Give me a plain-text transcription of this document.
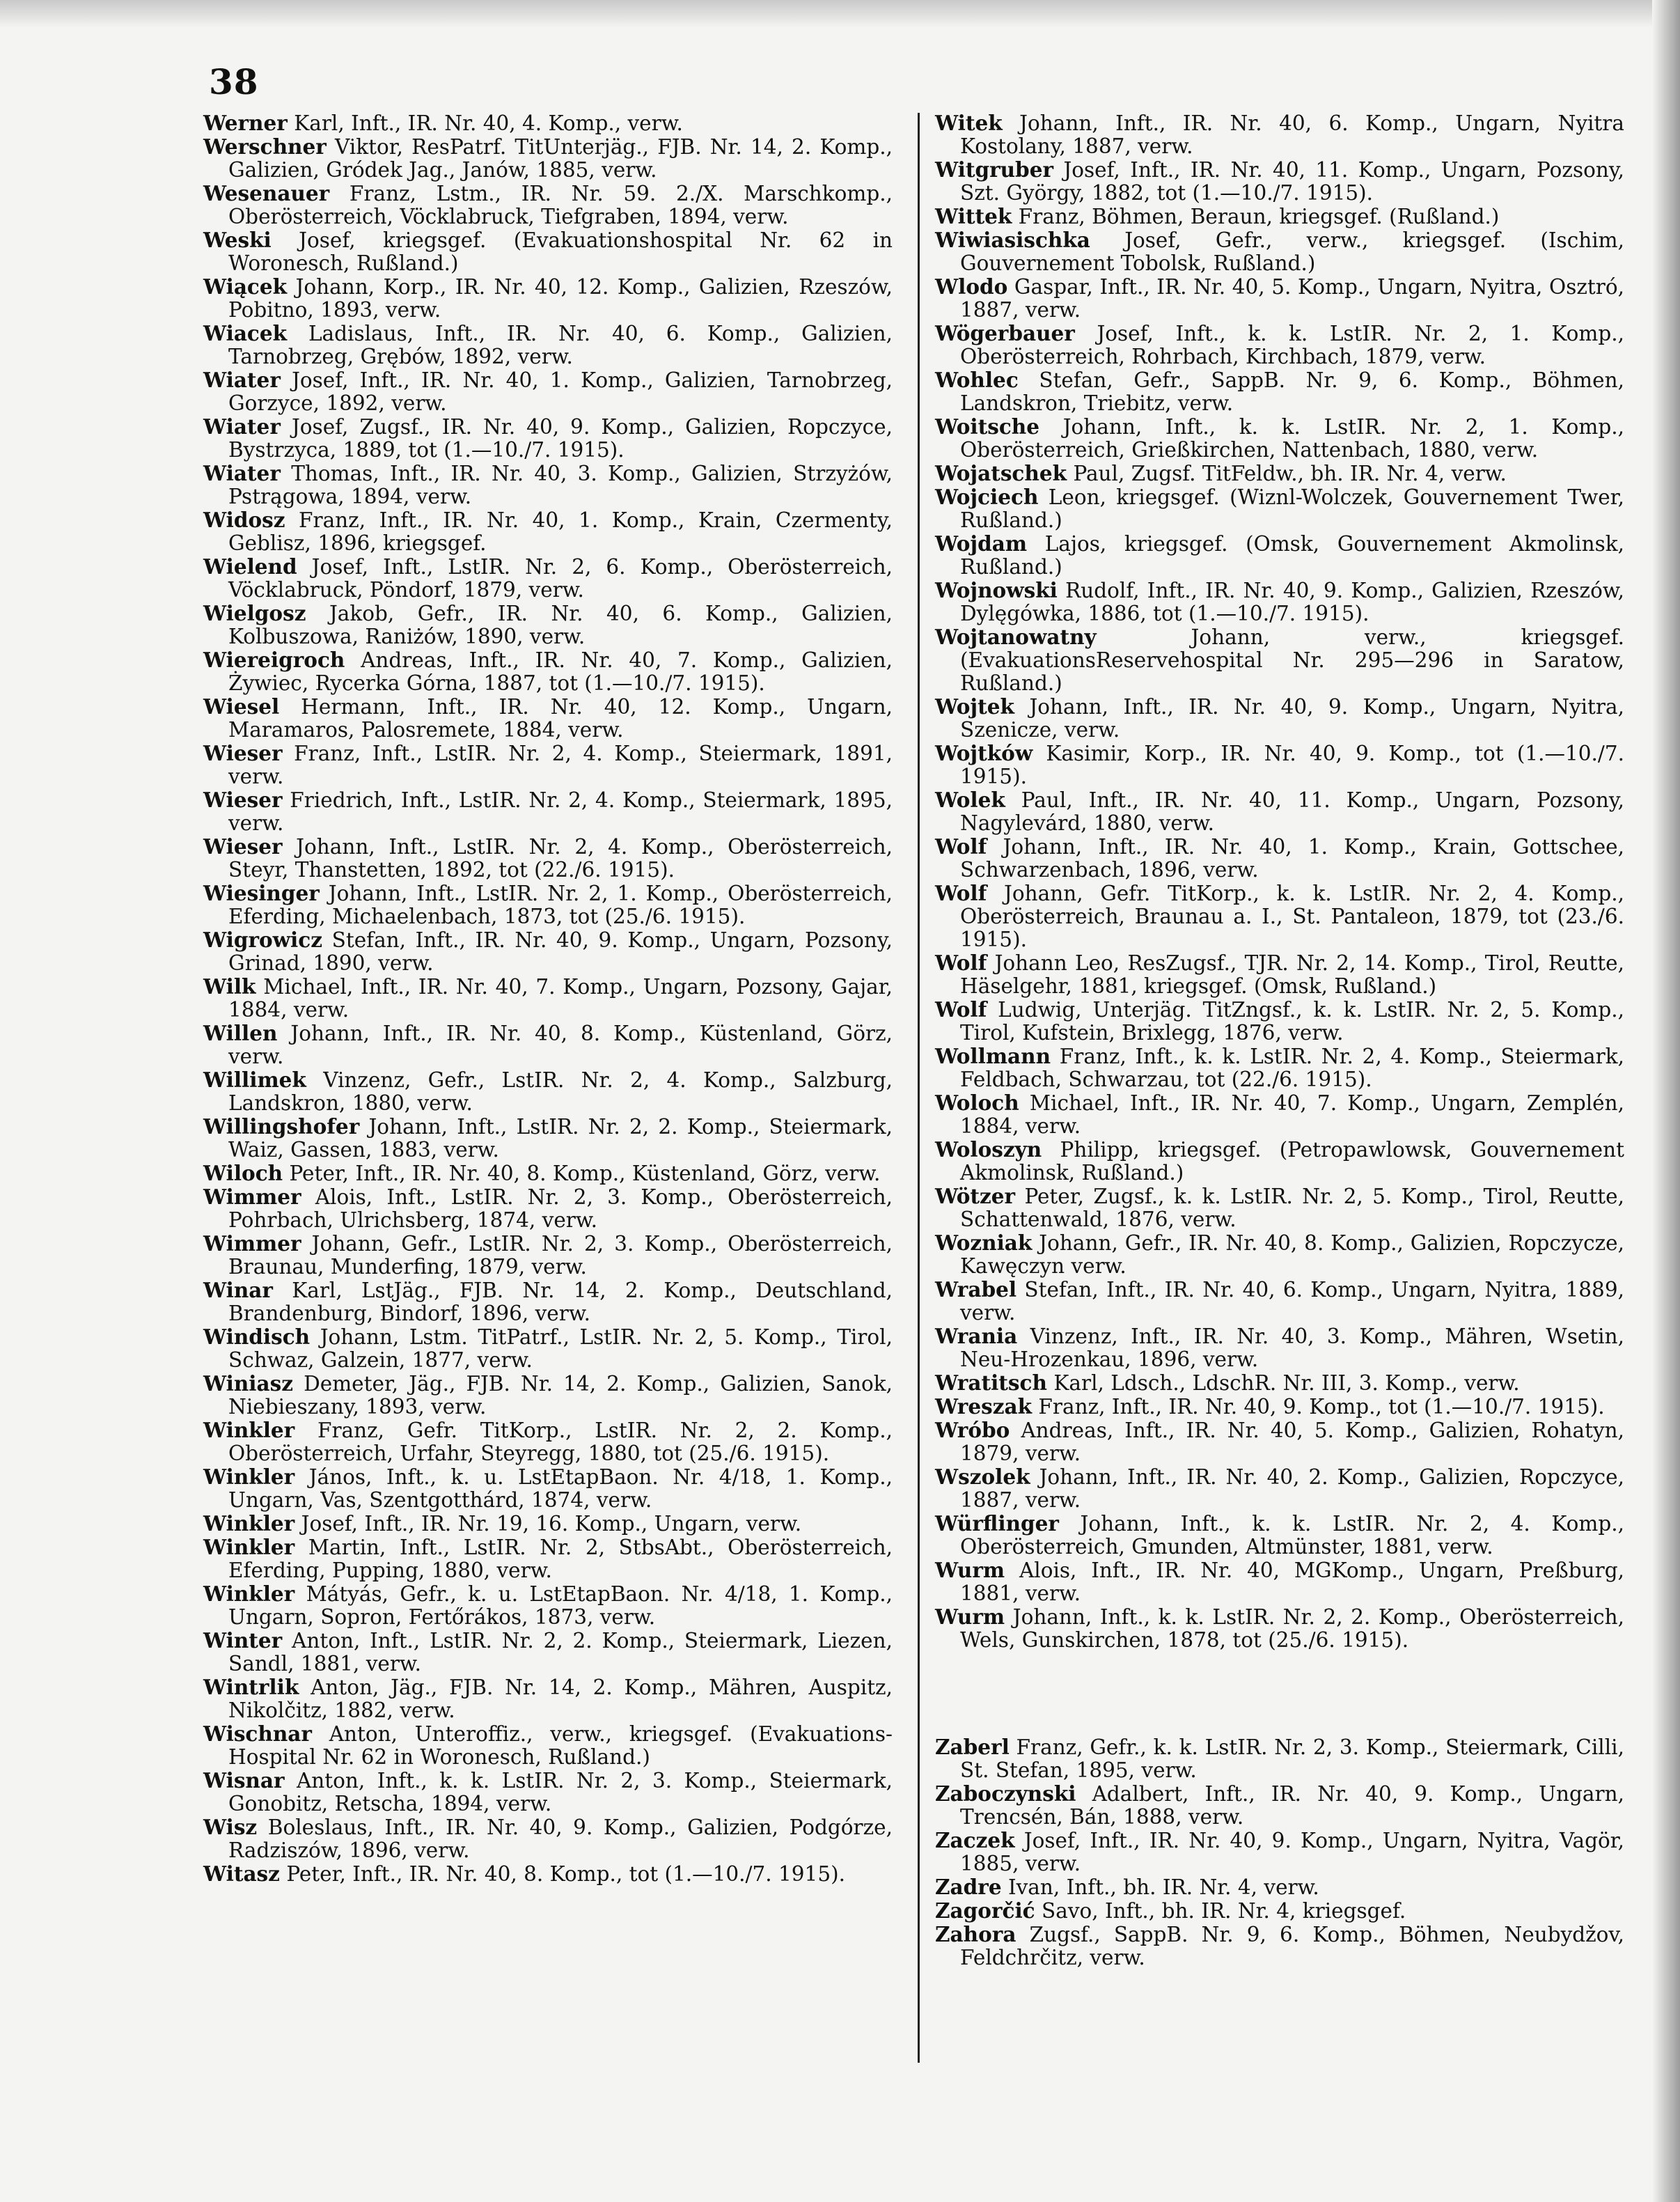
38

Werner Karl, Inft., IR. Nr. 40, 4. Komp., verw.

Werschner Viktor, ResPatrf. TitUnterjäg., FJB. Nr. 14, 2. Komp., Galizien, Gródek Jag., Janów, 1885, verw.

Wesenauer Franz, Lstm., IR. Nr. 59. 2./X. Marschkomp., Oberösterreich, Vöcklabruck, Tiefgraben, 1894, verw.

Weski Josef, kriegsgef. (Evakuationshospital Nr. 62 in Woronesch, Rußland.)

Wiącek Johann, Korp., IR. Nr. 40, 12. Komp., Galizien, Rzeszów, Pobitno, 1893, verw.

Wiacek Ladislaus, Inft., IR. Nr. 40, 6. Komp., Galizien, Tarnobrzeg, Grębów, 1892, verw.

Wiater Josef, Inft., IR. Nr. 40, 1. Komp., Galizien, Tarnobrzeg, Gorzyce, 1892, verw.

Wiater Josef, Zugsf., IR. Nr. 40, 9. Komp., Galizien, Ropczyce, Bystrzyca, 1889, tot (1.—10./7. 1915).

Wiater Thomas, Inft., IR. Nr. 40, 3. Komp., Galizien, Strzyżów, Pstrągowa, 1894, verw.

Widosz Franz, Inft., IR. Nr. 40, 1. Komp., Krain, Czermenty, Geblisz, 1896, kriegsgef.

Wielend Josef, Inft., LstIR. Nr. 2, 6. Komp., Oberösterreich, Vöcklabruck, Pöndorf, 1879, verw.

Wielgosz Jakob, Gefr., IR. Nr. 40, 6. Komp., Galizien, Kolbuszowa, Raniżów, 1890, verw.

Wiereigroch Andreas, Inft., IR. Nr. 40, 7. Komp., Galizien, Żywiec, Rycerka Górna, 1887, tot (1.—10./7. 1915).

Wiesel Hermann, Inft., IR. Nr. 40, 12. Komp., Ungarn, Maramaros, Palosremete, 1884, verw.

Wieser Franz, Inft., LstIR. Nr. 2, 4. Komp., Steiermark, 1891, verw.

Wieser Friedrich, Inft., LstIR. Nr. 2, 4. Komp., Steiermark, 1895, verw.

Wieser Johann, Inft., LstIR. Nr. 2, 4. Komp., Oberösterreich, Steyr, Thanstetten, 1892, tot (22./6. 1915).

Wiesinger Johann, Inft., LstIR. Nr. 2, 1. Komp., Oberösterreich, Eferding, Michaelenbach, 1873, tot (25./6. 1915).

Wigrowicz Stefan, Inft., IR. Nr. 40, 9. Komp., Ungarn, Pozsony, Grinad, 1890, verw.

Wilk Michael, Inft., IR. Nr. 40, 7. Komp., Ungarn, Pozsony, Gajar, 1884, verw.

Willen Johann, Inft., IR. Nr. 40, 8. Komp., Küstenland, Görz, verw.

Willimek Vinzenz, Gefr., LstIR. Nr. 2, 4. Komp., Salzburg, Landskron, 1880, verw.

Willingshofer Johann, Inft., LstIR. Nr. 2, 2. Komp., Steiermark, Waiz, Gassen, 1883, verw.

Wiloch Peter, Inft., IR. Nr. 40, 8. Komp., Küstenland, Görz, verw.

Wimmer Alois, Inft., LstIR. Nr. 2, 3. Komp., Oberösterreich, Pohrbach, Ulrichsberg, 1874, verw.

Wimmer Johann, Gefr., LstIR. Nr. 2, 3. Komp., Oberösterreich, Braunau, Munderfing, 1879, verw.

Winar Karl, LstJäg., FJB. Nr. 14, 2. Komp., Deutschland, Brandenburg, Bindorf, 1896, verw.

Windisch Johann, Lstm. TitPatrf., LstIR. Nr. 2, 5. Komp., Tirol, Schwaz, Galzein, 1877, verw.

Winiasz Demeter, Jäg., FJB. Nr. 14, 2. Komp., Galizien, Sanok, Niebieszany, 1893, verw.

Winkler Franz, Gefr. TitKorp., LstIR. Nr. 2, 2. Komp., Oberösterreich, Urfahr, Steyregg, 1880, tot (25./6. 1915).

Winkler János, Inft., k. u. LstEtapBaon. Nr. 4/18, 1. Komp., Ungarn, Vas, Szentgotthárd, 1874, verw.

Winkler Josef, Inft., IR. Nr. 19, 16. Komp., Ungarn, verw.

Winkler Martin, Inft., LstIR. Nr. 2, StbsAbt., Oberösterreich, Eferding, Pupping, 1880, verw.

Winkler Mátyás, Gefr., k. u. LstEtapBaon. Nr. 4/18, 1. Komp., Ungarn, Sopron, Fertőrákos, 1873, verw.

Winter Anton, Inft., LstIR. Nr. 2, 2. Komp., Steiermark, Liezen, Sandl, 1881, verw.

Wintrlik Anton, Jäg., FJB. Nr. 14, 2. Komp., Mähren, Auspitz, Nikolčitz, 1882, verw.

Wischnar Anton, Unteroffiz., verw., kriegsgef. (Evakuations-Hospital Nr. 62 in Woronesch, Rußland.)

Wisnar Anton, Inft., k. k. LstIR. Nr. 2, 3. Komp., Steiermark, Gonobitz, Retscha, 1894, verw.

Wisz Boleslaus, Inft., IR. Nr. 40, 9. Komp., Galizien, Podgórze, Radziszów, 1896, verw.

Witasz Peter, Inft., IR. Nr. 40, 8. Komp., tot (1.—10./7. 1915).

Witek Johann, Inft., IR. Nr. 40, 6. Komp., Ungarn, Nyitra Kostolany, 1887, verw.

Witgruber Josef, Inft., IR. Nr. 40, 11. Komp., Ungarn, Pozsony, Szt. György, 1882, tot (1.—10./7. 1915).

Wittek Franz, Böhmen, Beraun, kriegsgef. (Rußland.)

Wiwiasischka Josef, Gefr., verw., kriegsgef. (Ischim, Gouvernement Tobolsk, Rußland.)

Wlodo Gaspar, Inft., IR. Nr. 40, 5. Komp., Ungarn, Nyitra, Osztró, 1887, verw.

Wögerbauer Josef, Inft., k. k. LstIR. Nr. 2, 1. Komp., Oberösterreich, Rohrbach, Kirchbach, 1879, verw.

Wohlec Stefan, Gefr., SappB. Nr. 9, 6. Komp., Böhmen, Landskron, Triebitz, verw.

Woitsche Johann, Inft., k. k. LstIR. Nr. 2, 1. Komp., Oberösterreich, Grießkirchen, Nattenbach, 1880, verw.

Wojatschek Paul, Zugsf. TitFeldw., bh. IR. Nr. 4, verw.

Wojciech Leon, kriegsgef. (Wiznl-Wolczek, Gouvernement Twer, Rußland.)

Wojdam Lajos, kriegsgef. (Omsk, Gouvernement Akmolinsk, Rußland.)

Wojnowski Rudolf, Inft., IR. Nr. 40, 9. Komp., Galizien, Rzeszów, Dylęgówka, 1886, tot (1.—10./7. 1915).

Wojtanowatny	Johann, verw., kriegsgef. (EvakuationsReservehospital Nr. 295—296 in Saratow, Rußland.)

Wojtek Johann, Inft., IR. Nr. 40, 9. Komp., Ungarn, Nyitra, Szenicze, verw.

Wojtków Kasimir, Korp., IR. Nr. 40, 9. Komp., tot (1.—10./7. 1915).

Wolek Paul, Inft., IR. Nr. 40, 11. Komp., Ungarn, Pozsony, Nagylevárd, 1880, verw.

Wolf Johann, Inft., IR. Nr. 40, 1. Komp., Krain, Gottschee, Schwarzenbach, 1896, verw.

Wolf Johann, Gefr. TitKorp., k. k. LstIR. Nr. 2, 4. Komp., Oberösterreich, Braunau a. I., St. Pantaleon, 1879, tot (23./6. 1915).

Wolf Johann Leo, ResZugsf., TJR. Nr. 2, 14. Komp., Tirol, Reutte, Häselgehr, 1881, kriegsgef. (Omsk, Rußland.)

Wolf Ludwig, Unterjäg. TitZngsf., k. k. LstIR. Nr. 2, 5. Komp., Tirol, Kufstein, Brixlegg, 1876, verw.

Wollmann Franz, Inft., k. k. LstIR. Nr. 2, 4. Komp., Steiermark, Feldbach, Schwarzau, tot (22./6. 1915).

Woloch Michael, Inft., IR. Nr. 40, 7. Komp., Ungarn, Zemplén, 1884, verw.

Woloszyn Philipp, kriegsgef. (Petropawlowsk, Gouvernement Akmolinsk, Rußland.)

Wötzer Peter, Zugsf., k. k. LstIR. Nr. 2, 5. Komp., Tirol, Reutte, Schattenwald, 1876, verw.

Wozniak Johann, Gefr., IR. Nr. 40, 8. Komp., Galizien, Ropczycze, Kawęczyn verw.

Wrabel Stefan, Inft., IR. Nr. 40, 6. Komp., Ungarn, Nyitra, 1889, verw.

Wrania Vinzenz, Inft., IR. Nr. 40, 3. Komp., Mähren, Wsetin, Neu-Hrozenkau, 1896, verw.

Wratitsch Karl, Ldsch., LdschR. Nr. III, 3. Komp., verw.

Wreszak Franz, Inft., IR. Nr. 40, 9. Komp., tot (1.—10./7. 1915).

Wróbo Andreas, Inft., IR. Nr. 40, 5. Komp., Galizien, Rohatyn, 1879, verw.

Wszolek Johann, Inft., IR. Nr. 40, 2. Komp., Galizien, Ropczyce, 1887, verw.

Würflinger Johann, Inft., k. k. LstIR. Nr. 2, 4. Komp., Oberösterreich, Gmunden, Altmünster, 1881, verw.

Wurm Alois, Inft., IR. Nr. 40, MGKomp., Ungarn, Preßburg, 1881, verw.

Wurm Johann, Inft., k. k. LstIR. Nr. 2, 2. Komp., Oberösterreich, Wels, Gunskirchen, 1878, tot (25./6. 1915).

Zaberl Franz, Gefr., k. k. LstIR. Nr. 2, 3. Komp., Steiermark, Cilli, St. Stefan, 1895, verw.

Zaboczynski Adalbert, Inft., IR. Nr. 40, 9. Komp., Ungarn, Trencsén, Bán, 1888, verw.

Zaczek Josef, Inft., IR. Nr. 40, 9. Komp., Ungarn, Nyitra, Vagör, 1885, verw.

Zadre Ivan, Inft., bh. IR. Nr. 4, verw.

Zagorčić Savo, Inft., bh. IR. Nr. 4, kriegsgef.

Zahora Zugsf., SappB. Nr. 9, 6. Komp., Böhmen, Neubydžov, Feldchrčitz, verw.
